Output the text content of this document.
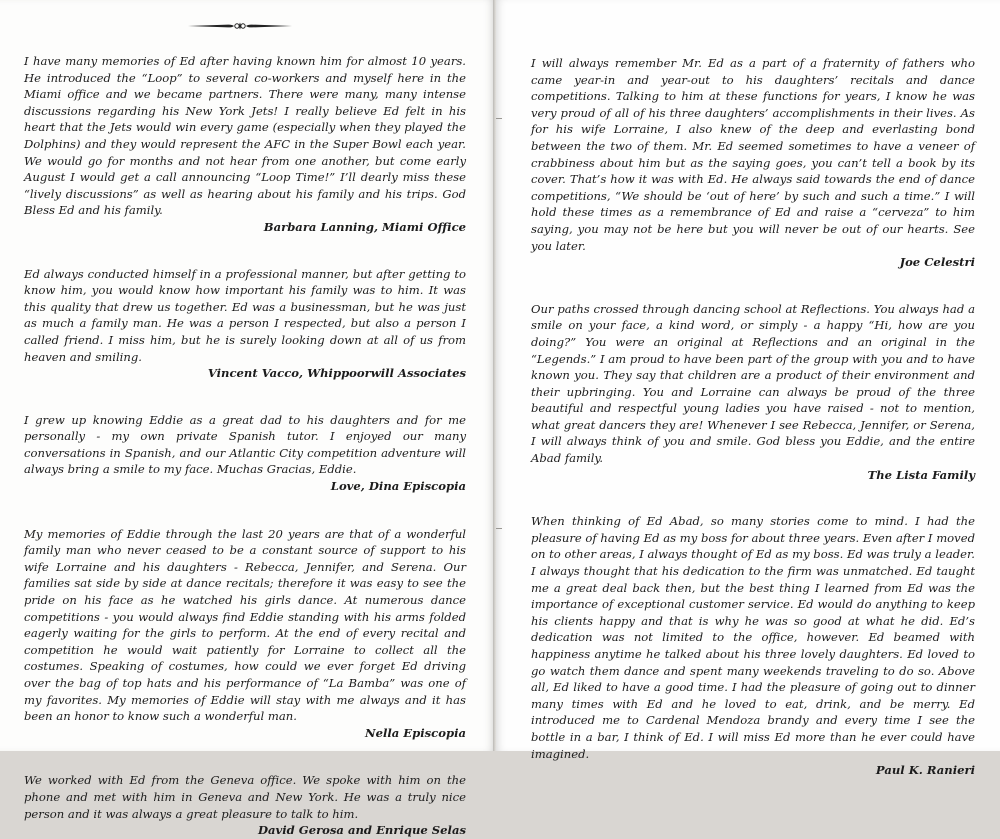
I have many memories of Ed after having known him for almost 10 years. He introduced the “Loop” to several co-workers and myself here in the Miami office and we became partners. There were many, many intense discussions regarding his New York Jets! I really believe Ed felt in his heart that the Jets would win every game (especially when they played the Dolphins) and they would represent the AFC in the Super Bowl each year. We would go for months and not hear from one another, but come early August I would get a call announcing “Loop Time!” I’ll dearly miss these “lively discussions” as well as hearing about his family and his trips. God Bless Ed and his family.

Barbara Lanning, Miami Office

Ed always conducted himself in a professional manner, but after getting to know him, you would know how important his family was to him. It was this quality that drew us together. Ed was a businessman, but he was just as much a family man. He was a person I respected, but also a person I called friend. I miss him, but he is surely looking down at all of us from heaven and smiling.

Vincent Vacco, Whippoorwill Associates

I grew up knowing Eddie as a great dad to his daughters and for me personally - my own private Spanish tutor. I enjoyed our many conversations in Spanish, and our Atlantic City competition adventure will always bring a smile to my face. Muchas Gracias, Eddie.

Love, Dina Episcopia

My memories of Eddie through the last 20 years are that of a wonderful family man who never ceased to be a constant source of support to his wife Lorraine and his daughters - Rebecca, Jennifer, and Serena. Our families sat side by side at dance recitals; therefore it was easy to see the pride on his face as he watched his girls dance. At numerous dance competitions - you would always find Eddie standing with his arms folded eagerly waiting for the girls to perform. At the end of every recital and competition he would wait patiently for Lorraine to collect all the costumes. Speaking of costumes, how could we ever forget Ed driving over the bag of top hats and his performance of “La Bamba” was one of my favorites. My memories of Eddie will stay with me always and it has been an honor to know such a wonderful man.

Nella Episcopia

We worked with Ed from the Geneva office. We spoke with him on the phone and met with him in Geneva and New York. He was a truly nice person and it was always a great pleasure to talk to him.

David Gerosa and Enrique Selas

I will always remember Mr. Ed as a part of a fraternity of fathers who came year-in and year-out to his daughters’ recitals and dance competitions. Talking to him at these functions for years, I know he was very proud of all of his three daughters’ accomplishments in their lives. As for his wife Lorraine, I also knew of the deep and everlasting bond between the two of them. Mr. Ed seemed sometimes to have a veneer of crabbiness about him but as the saying goes, you can’t tell a book by its cover. That’s how it was with Ed. He always said towards the end of dance competitions, “We should be ‘out of here’ by such and such a time.” I will hold these times as a remembrance of Ed and raise a “cerveza” to him saying, you may not be here but you will never be out of our hearts. See you later.

Joe Celestri

Our paths crossed through dancing school at Reflections. You always had a smile on your face, a kind word, or simply - a happy “Hi, how are you doing?” You were an original at Reflections and an original in the “Legends.” I am proud to have been part of the group with you and to have known you. They say that children are a product of their environment and their upbringing. You and Lorraine can always be proud of the three beautiful and respectful young ladies you have raised - not to mention, what great dancers they are! Whenever I see Rebecca, Jennifer, or Serena, I will always think of you and smile. God bless you Eddie, and the entire Abad family.

The Lista Family

When thinking of Ed Abad, so many stories come to mind. I had the pleasure of having Ed as my boss for about three years. Even after I moved on to other areas, I always thought of Ed as my boss. Ed was truly a leader. I always thought that his dedication to the firm was unmatched. Ed taught me a great deal back then, but the best thing I learned from Ed was the importance of exceptional customer service. Ed would do anything to keep his clients happy and that is why he was so good at what he did. Ed’s dedication was not limited to the office, however. Ed beamed with happiness anytime he talked about his three lovely daughters. Ed loved to go watch them dance and spent many weekends traveling to do so. Above all, Ed liked to have a good time. I had the pleasure of going out to dinner many times with Ed and he loved to eat, drink, and be merry. Ed introduced me to Cardenal Mendoza brandy and every time I see the bottle in a bar, I think of Ed. I will miss Ed more than he ever could have imagined.

Paul K. Ranieri
